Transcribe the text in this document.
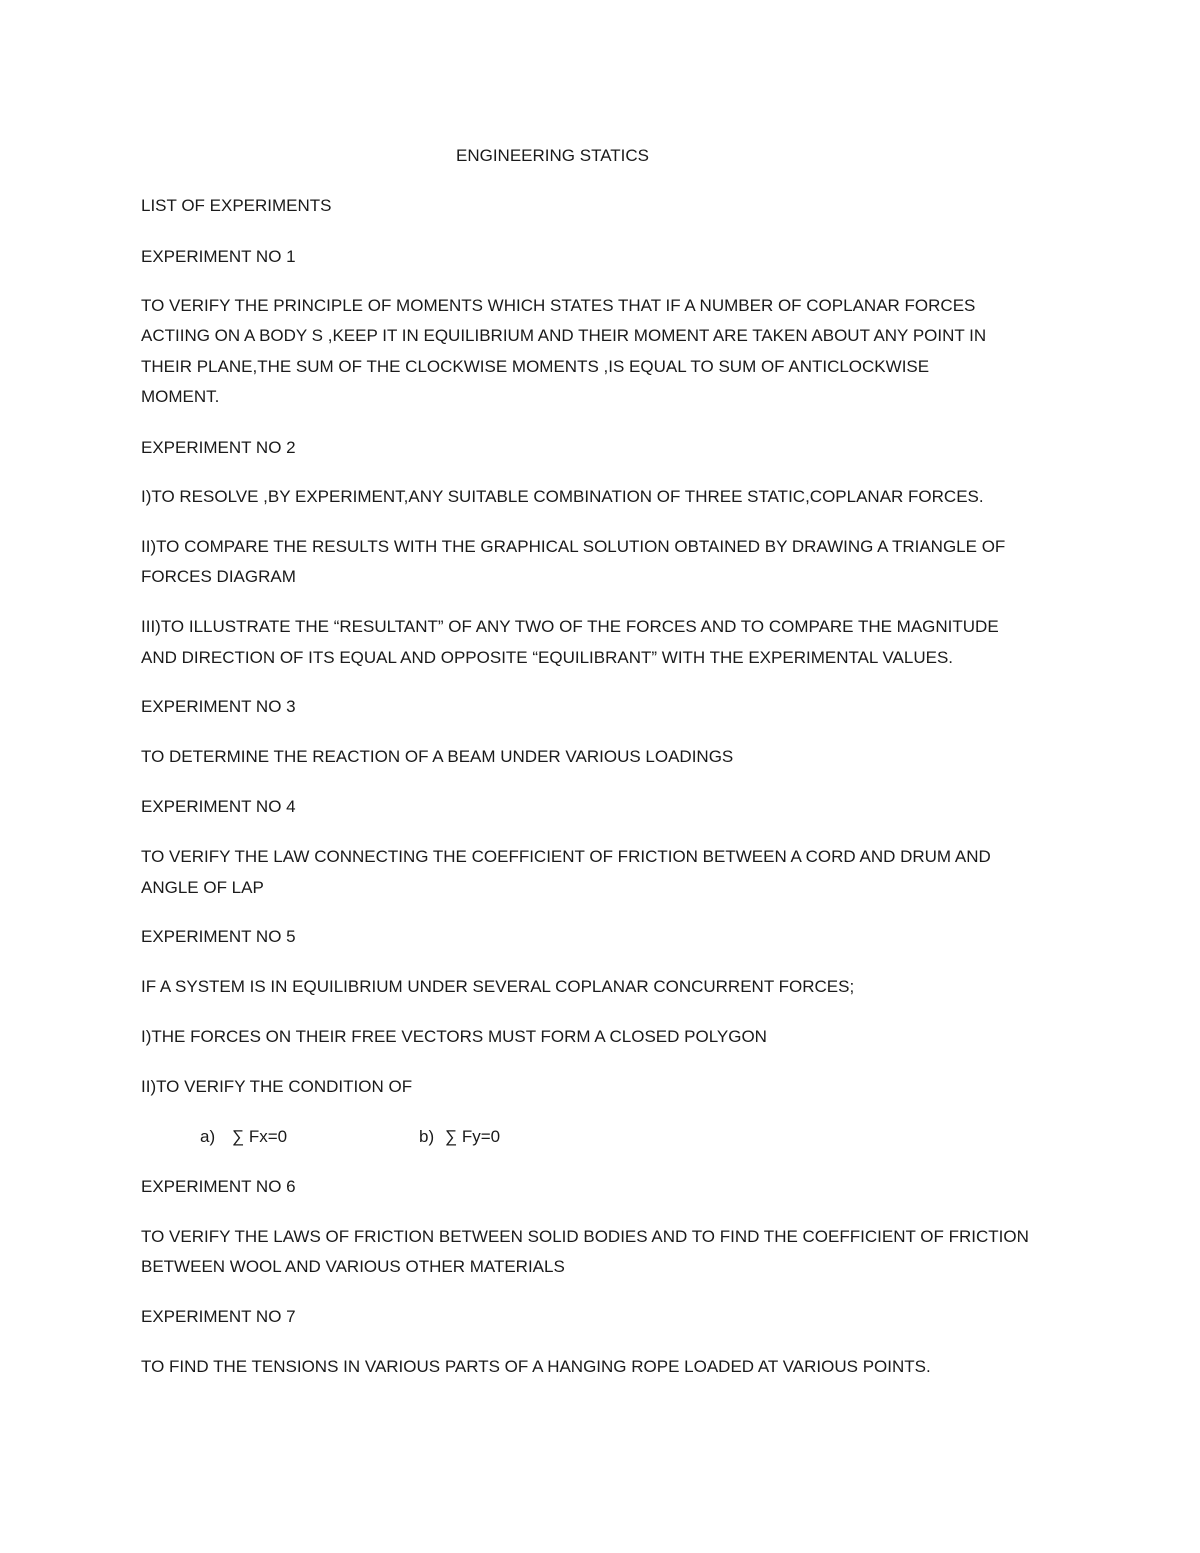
ENGINEERING STATICS

LIST OF EXPERIMENTS

EXPERIMENT NO 1

TO VERIFY THE PRINCIPLE OF MOMENTS WHICH STATES THAT IF A NUMBER OF COPLANAR FORCES

ACTIING ON A BODY S ,KEEP IT IN EQUILIBRIUM AND THEIR MOMENT ARE TAKEN ABOUT ANY POINT IN

THEIR PLANE,THE SUM OF THE CLOCKWISE MOMENTS ,IS EQUAL TO SUM OF ANTICLOCKWISE

MOMENT.

EXPERIMENT NO 2

I)TO RESOLVE ,BY EXPERIMENT,ANY SUITABLE COMBINATION OF THREE STATIC,COPLANAR FORCES.

II)TO COMPARE THE RESULTS WITH THE GRAPHICAL SOLUTION OBTAINED BY DRAWING A TRIANGLE OF

FORCES DIAGRAM

III)TO ILLUSTRATE THE “RESULTANT” OF ANY TWO OF THE FORCES AND TO COMPARE THE MAGNITUDE

AND DIRECTION OF ITS EQUAL AND OPPOSITE “EQUILIBRANT” WITH THE EXPERIMENTAL VALUES.

EXPERIMENT NO 3

TO DETERMINE THE REACTION OF A BEAM UNDER VARIOUS LOADINGS

EXPERIMENT NO 4

TO VERIFY THE LAW CONNECTING THE COEFFICIENT OF FRICTION BETWEEN A CORD AND DRUM AND

ANGLE OF LAP

EXPERIMENT NO 5

IF A SYSTEM IS IN EQUILIBRIUM UNDER SEVERAL COPLANAR CONCURRENT FORCES;

I)THE FORCES ON THEIR FREE VECTORS MUST FORM A CLOSED POLYGON

II)TO VERIFY THE CONDITION OF

a) ∑ Fx=0	b) ∑ Fy=0

EXPERIMENT NO 6

TO VERIFY THE LAWS OF FRICTION BETWEEN SOLID BODIES AND TO FIND THE COEFFICIENT OF FRICTION

BETWEEN WOOL AND VARIOUS OTHER MATERIALS

EXPERIMENT NO 7

TO FIND THE TENSIONS IN VARIOUS PARTS OF A HANGING ROPE LOADED AT VARIOUS POINTS.
